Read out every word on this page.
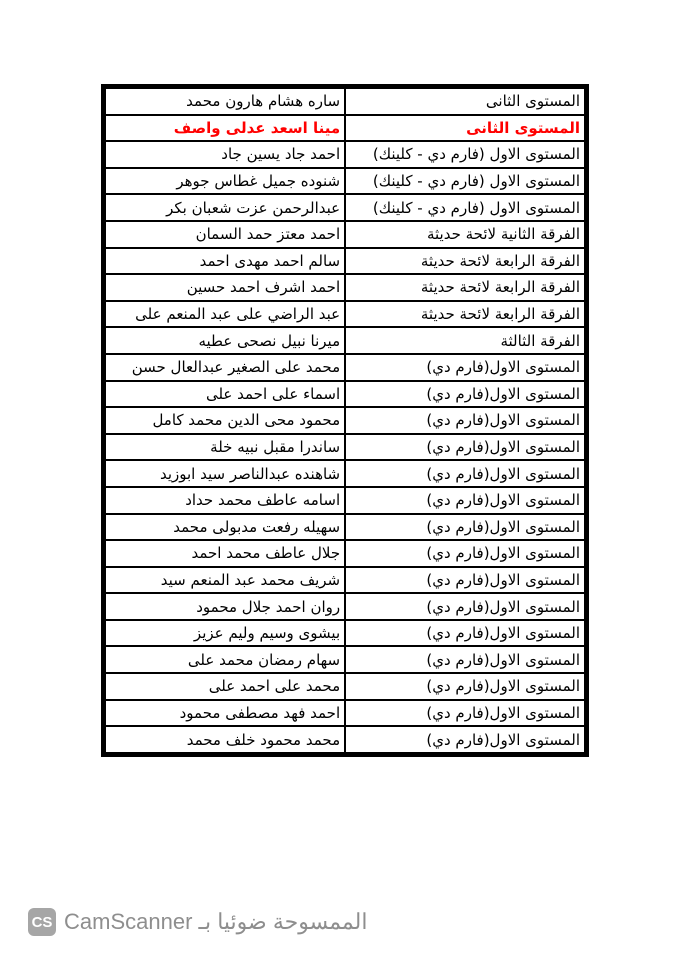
المستوى الثانى	ساره هشام هارون محمد
المستوى الثانى	مينا اسعد عدلى واصف
المستوى الاول (فارم دي - كلينك)	احمد جاد يسين جاد
المستوى الاول (فارم دي - كلينك)	شنوده جميل غطاس جوهر
المستوى الاول (فارم دي - كلينك)	عبدالرحمن عزت شعبان بكر
الفرقة الثانية لائحة حديثة	احمد معتز حمد السمان
الفرقة الرابعة لائحة حديثة	سالم احمد مهدى احمد
الفرقة الرابعة لائحة حديثة	احمد اشرف احمد حسين
الفرقة الرابعة لائحة حديثة	عبد الراضي على عبد المنعم على
الفرقة الثالثة	ميرنا نبيل نصحى عطيه
المستوى الاول(فارم دي)	محمد على الصغير عبدالعال حسن
المستوى الاول(فارم دي)	اسماء على احمد على
المستوى الاول(فارم دي)	محمود محى الدين محمد كامل
المستوى الاول(فارم دي)	ساندرا مقبل نبيه خلة
المستوى الاول(فارم دي)	شاهنده عبدالناصر سيد ابوزيد
المستوى الاول(فارم دي)	اسامه عاطف محمد حداد
المستوى الاول(فارم دي)	سهيله رفعت مدبولى محمد
المستوى الاول(فارم دي)	جلال عاطف محمد احمد
المستوى الاول(فارم دي)	شريف محمد عبد المنعم سيد
المستوى الاول(فارم دي)	روان احمد جلال محمود
المستوى الاول(فارم دي)	بيشوى وسيم وليم عزيز
المستوى الاول(فارم دي)	سهام رمضان محمد على
المستوى الاول(فارم دي)	محمد على احمد على
المستوى الاول(فارم دي)	احمد فهد مصطفى محمود
المستوى الاول(فارم دي)	محمد محمود خلف محمد
CS CamScanner الممسوحة ضوئيا بـ
